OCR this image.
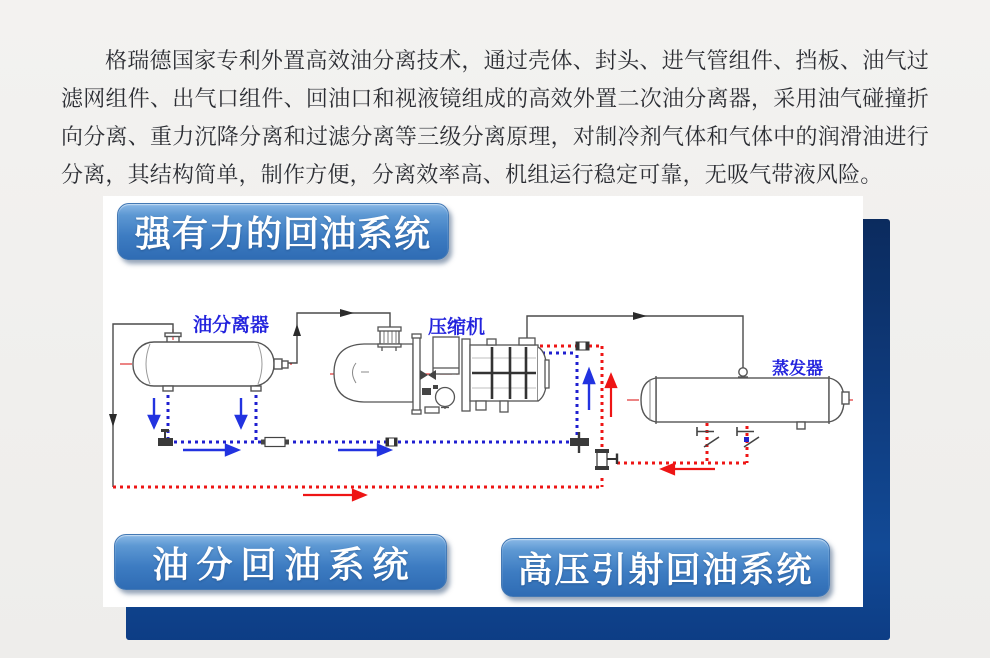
格瑞德国家专利外置高效油分离技术，通过壳体、封头、进气管组件、挡板、油气过滤网组件、出气口组件、回油口和视液镜组成的高效外置二次油分离器，采用油气碰撞折向分离、重力沉降分离和过滤分离等三级分离原理，对制冷剂气体和气体中的润滑油进行分离，其结构简单，制作方便，分离效率高、机组运行稳定可靠，无吸气带液风险。

油分离器	压缩机
蒸发器
强有力的回油系统
油分回油系统	高压引射回油系统
